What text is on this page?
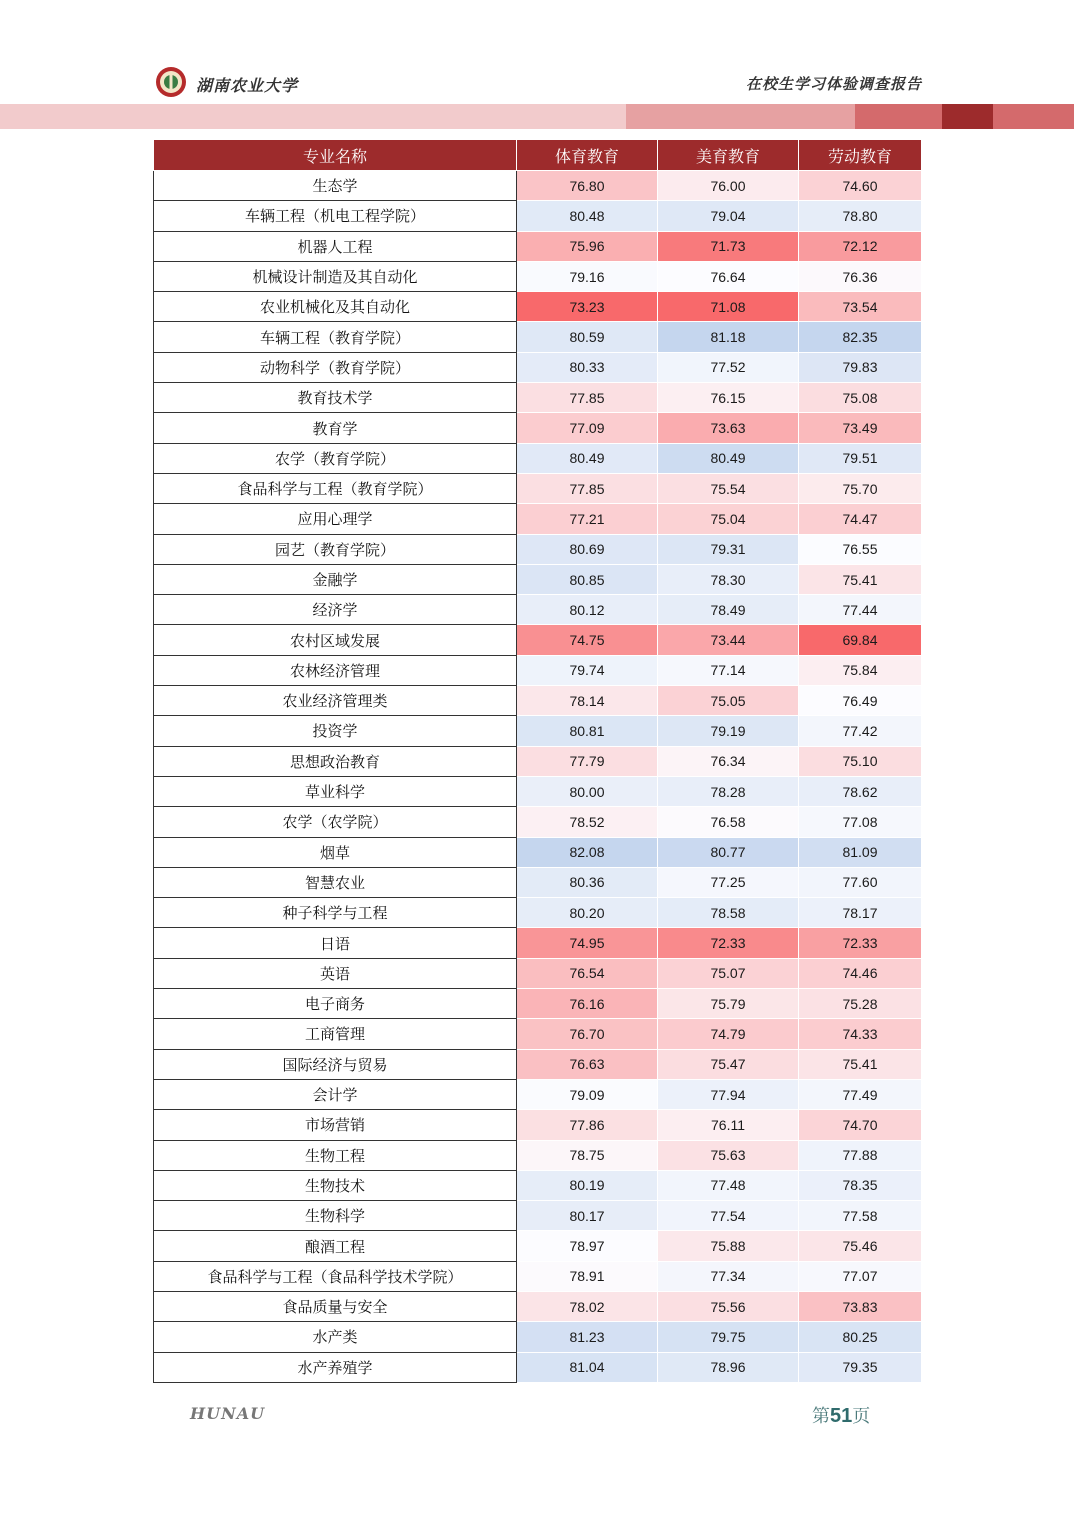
湖南农业大学	在校生学习体验调查报告
专业名称	体育教育	美育教育	劳动教育
生态学	76.80	76.00	74.60
车辆工程（机电工程学院）	80.48	79.04	78.80
机器人工程	75.96	71.73	72.12
机械设计制造及其自动化	79.16	76.64	76.36
农业机械化及其自动化	73.23	71.08	73.54
车辆工程（教育学院）	80.59	81.18	82.35
动物科学（教育学院）	80.33	77.52	79.83
教育技术学	77.85	76.15	75.08
教育学	77.09	73.63	73.49
农学（教育学院）	80.49	80.49	79.51
食品科学与工程（教育学院）	77.85	75.54	75.70
应用心理学	77.21	75.04	74.47
园艺（教育学院）	80.69	79.31	76.55
金融学	80.85	78.30	75.41
经济学	80.12	78.49	77.44
农村区域发展	74.75	73.44	69.84
农林经济管理	79.74	77.14	75.84
农业经济管理类	78.14	75.05	76.49
投资学	80.81	79.19	77.42
思想政治教育	77.79	76.34	75.10
草业科学	80.00	78.28	78.62
农学（农学院）	78.52	76.58	77.08
烟草	82.08	80.77	81.09
智慧农业	80.36	77.25	77.60
种子科学与工程	80.20	78.58	78.17
日语	74.95	72.33	72.33
英语	76.54	75.07	74.46
电子商务	76.16	75.79	75.28
工商管理	76.70	74.79	74.33
国际经济与贸易	76.63	75.47	75.41
会计学	79.09	77.94	77.49
市场营销	77.86	76.11	74.70
生物工程	78.75	75.63	77.88
生物技术	80.19	77.48	78.35
生物科学	80.17	77.54	77.58
酿酒工程	78.97	75.88	75.46
食品科学与工程（食品科学技术学院）	78.91	77.34	77.07
食品质量与安全	78.02	75.56	73.83
水产类	81.23	79.75	80.25
水产养殖学	81.04	78.96	79.35
HUNAU	第51页
